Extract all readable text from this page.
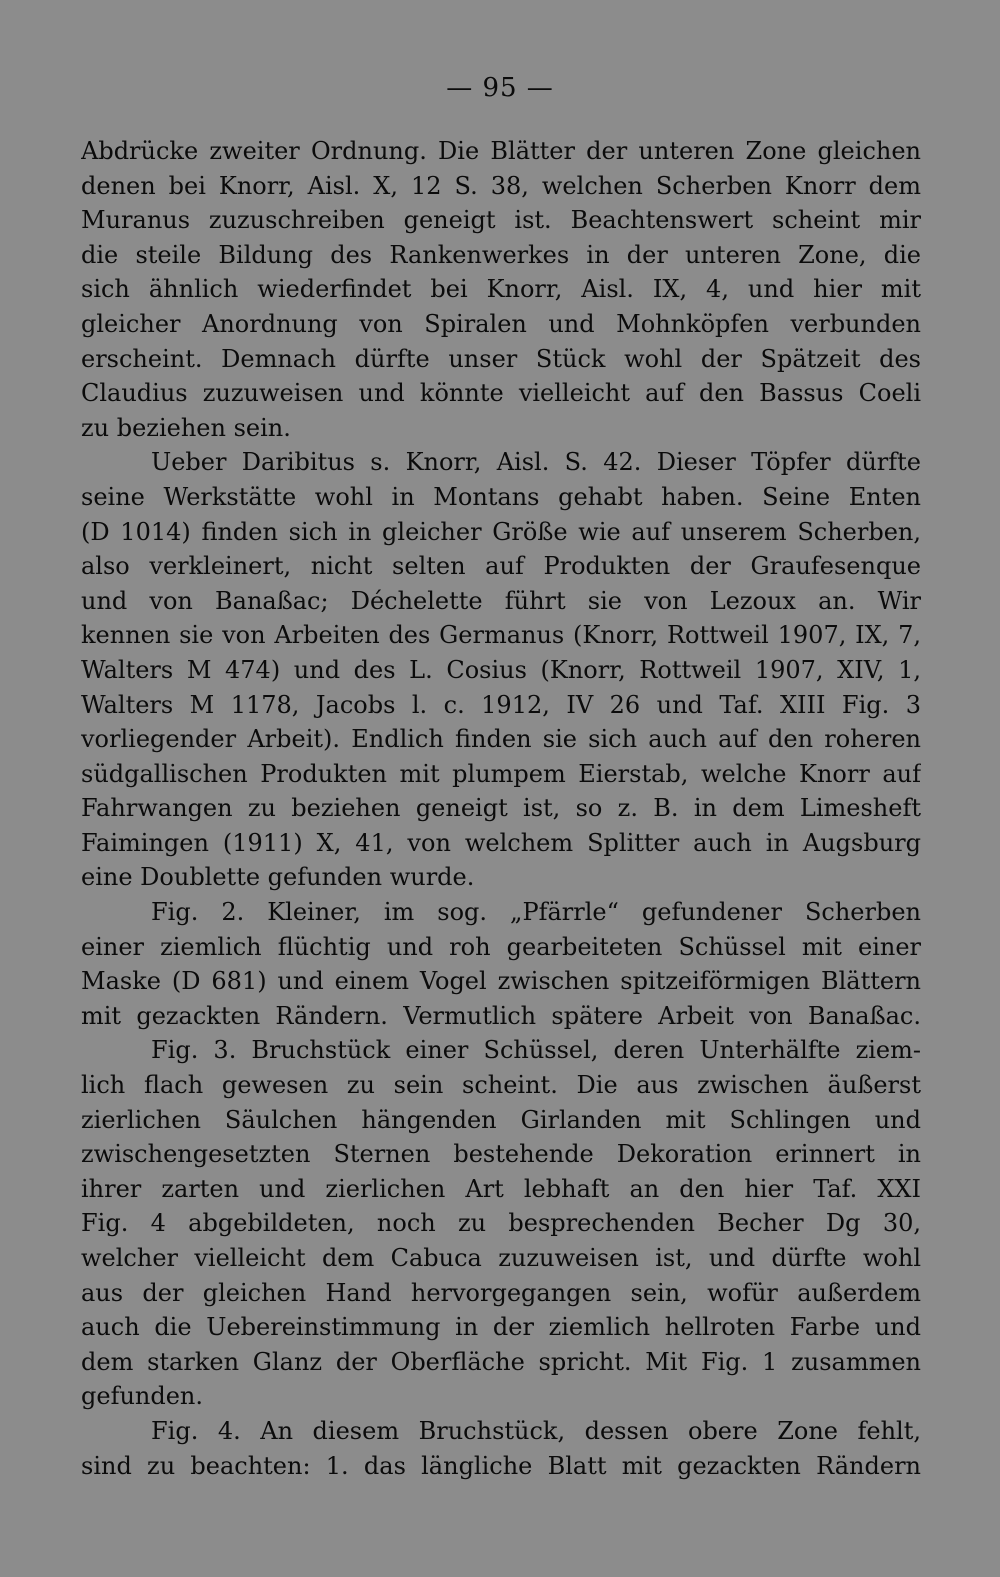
— 95 —
Abdrücke zweiter Ordnung. Die Blätter der unteren Zone gleichen
denen bei Knorr, Aisl. X, 12 S. 38, welchen Scherben Knorr dem
Muranus zuzuschreiben geneigt ist. Beachtenswert scheint mir
die steile Bildung des Rankenwerkes in der unteren Zone, die
sich ähnlich wiederfindet bei Knorr, Aisl. IX, 4, und hier mit
gleicher Anordnung von Spiralen und Mohnköpfen verbunden
erscheint. Demnach dürfte unser Stück wohl der Spätzeit des
Claudius zuzuweisen und könnte vielleicht auf den Bassus Coeli
zu beziehen sein.
Ueber Daribitus s. Knorr, Aisl. S. 42. Dieser Töpfer dürfte
seine Werkstätte wohl in Montans gehabt haben. Seine Enten
(D 1014) finden sich in gleicher Größe wie auf unserem Scherben,
also verkleinert, nicht selten auf Produkten der Graufesenque
und von Banaßac; Déchelette führt sie von Lezoux an. Wir
kennen sie von Arbeiten des Germanus (Knorr, Rottweil 1907, IX, 7,
Walters M 474) und des L. Cosius (Knorr, Rottweil 1907, XIV, 1,
Walters M 1178, Jacobs l. c. 1912, IV 26 und Taf. XIII Fig. 3
vorliegender Arbeit). Endlich finden sie sich auch auf den roheren
südgallischen Produkten mit plumpem Eierstab, welche Knorr auf
Fahrwangen zu beziehen geneigt ist, so z. B. in dem Limesheft
Faimingen (1911) X, 41, von welchem Splitter auch in Augsburg
eine Doublette gefunden wurde.
Fig. 2. Kleiner, im sog. „Pfärrle“ gefundener Scherben
einer ziemlich flüchtig und roh gearbeiteten Schüssel mit einer
Maske (D 681) und einem Vogel zwischen spitzeiförmigen Blättern
mit gezackten Rändern. Vermutlich spätere Arbeit von Banaßac.
Fig. 3. Bruchstück einer Schüssel, deren Unterhälfte ziem-
lich flach gewesen zu sein scheint. Die aus zwischen äußerst
zierlichen Säulchen hängenden Girlanden mit Schlingen und
zwischengesetzten Sternen bestehende Dekoration erinnert in
ihrer zarten und zierlichen Art lebhaft an den hier Taf. XXI
Fig. 4 abgebildeten, noch zu besprechenden Becher Dg 30,
welcher vielleicht dem Cabuca zuzuweisen ist, und dürfte wohl
aus der gleichen Hand hervorgegangen sein, wofür außerdem
auch die Uebereinstimmung in der ziemlich hellroten Farbe und
dem starken Glanz der Oberfläche spricht. Mit Fig. 1 zusammen
gefunden.
Fig. 4. An diesem Bruchstück, dessen obere Zone fehlt,
sind zu beachten: 1. das längliche Blatt mit gezackten Rändern
